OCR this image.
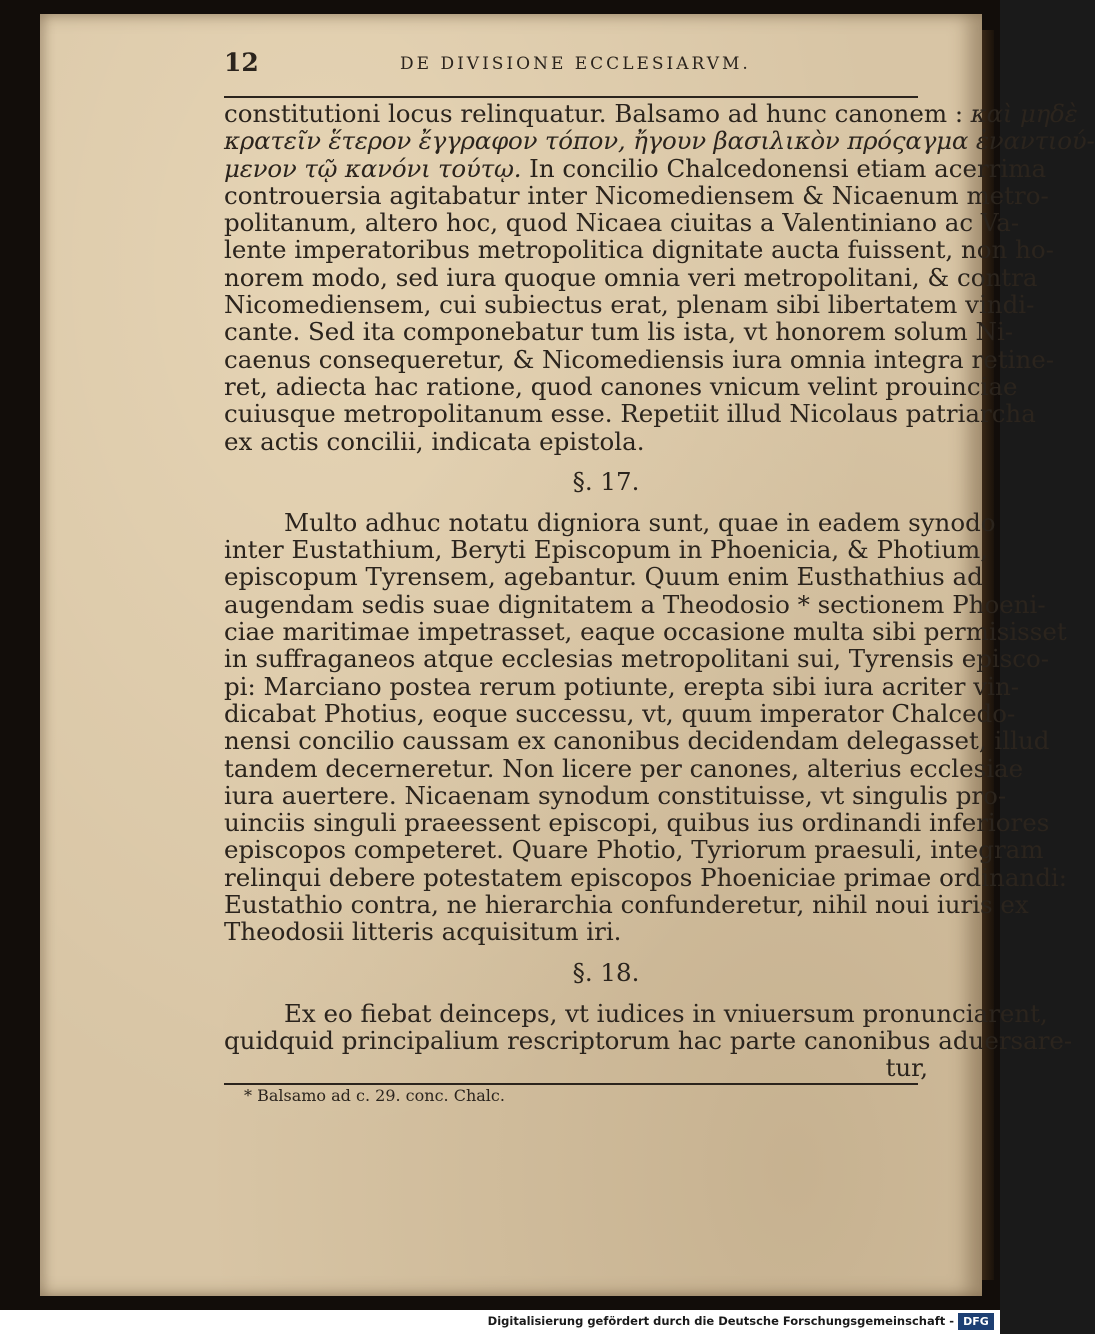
12	DE DIVISIONE ECCLESIARVM.
constitutioni locus relinquatur. Balsamo ad hunc canonem : καὶ μηδὲ
κρατεῖν ἕτερον ἔγγραφον τόπον, ἤγουν βασιλικὸν πρόςαγμα ἐναντιού-
μενον τῷ κανόνι τούτῳ. In concilio Chalcedonensi etiam acerrima
controuersia agitabatur inter Nicomediensem & Nicaenum metro-
politanum, altero hoc, quod Nicaea ciuitas a Valentiniano ac Va-
lente imperatoribus metropolitica dignitate aucta fuissent, non ho-
norem modo, sed iura quoque omnia veri metropolitani, & contra
Nicomediensem, cui subiectus erat, plenam sibi libertatem vindi-
cante. Sed ita componebatur tum lis ista, vt honorem solum Ni-
caenus consequeretur, & Nicomediensis iura omnia integra retine-
ret, adiecta hac ratione, quod canones vnicum velint prouinciae
cuiusque metropolitanum esse. Repetiit illud Nicolaus patriarcha
ex actis concilii, indicata epistola.
§. 17.
Multo adhuc notatu digniora sunt, quae in eadem synodo
inter Eustathium, Beryti Episcopum in Phoenicia, & Photium,
episcopum Tyrensem, agebantur. Quum enim Eusthathius ad
augendam sedis suae dignitatem a Theodosio * sectionem Phoeni-
ciae maritimae impetrasset, eaque occasione multa sibi permisisset
in suffraganeos atque ecclesias metropolitani sui, Tyrensis episco-
pi: Marciano postea rerum potiunte, erepta sibi iura acriter vin-
dicabat Photius, eoque successu, vt, quum imperator Chalcedo-
nensi concilio caussam ex canonibus decidendam delegasset, illud
tandem decerneretur. Non licere per canones, alterius ecclesiae
iura auertere. Nicaenam synodum constituisse, vt singulis pro-
uinciis singuli praeessent episcopi, quibus ius ordinandi inferiores
episcopos competeret. Quare Photio, Tyriorum praesuli, integram
relinqui debere potestatem episcopos Phoeniciae primae ordinandi:
Eustathio contra, ne hierarchia confunderetur, nihil noui iuris ex
Theodosii litteris acquisitum iri.
§. 18.
Ex eo fiebat deinceps, vt iudices in vniuersum pronunciarent,
quidquid principalium rescriptorum hac parte canonibus aduersare-
tur,
* Balsamo ad c. 29. conc. Chalc.
Digitalisierung gefördert durch die Deutsche Forschungsgemeinschaft - DFG
